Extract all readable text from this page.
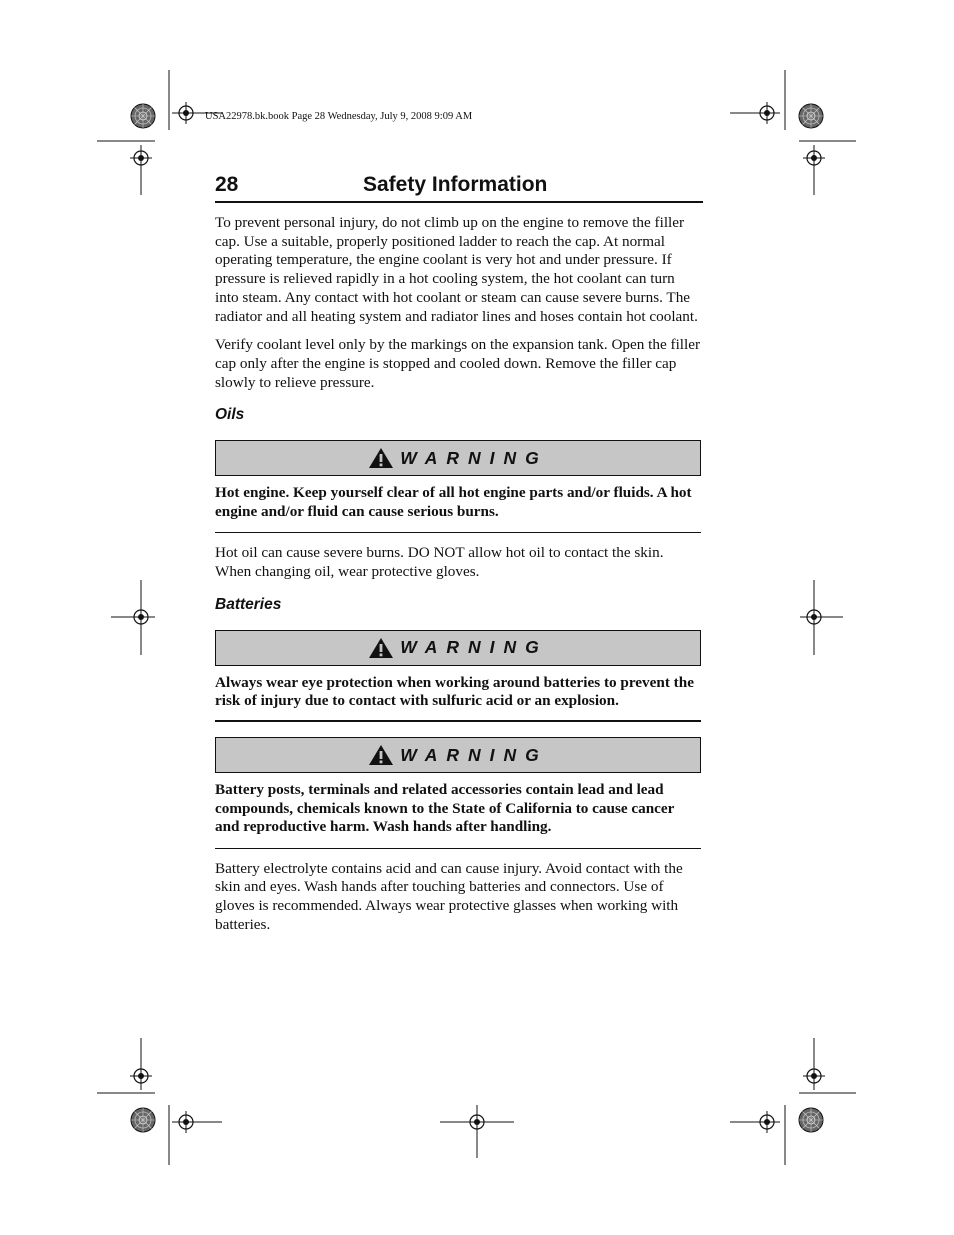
USA22978.bk.book Page 28 Wednesday, July 9, 2008 9:09 AM
28	Safety Information

To prevent personal injury, do not climb up on the engine to remove the filler cap. Use a suitable, properly positioned ladder to reach the cap. At normal operating temperature, the engine coolant is very hot and under pressure. If pressure is relieved rapidly in a hot cooling system, the hot coolant can turn into steam. Any contact with hot coolant or steam can cause severe burns. The radiator and all heating system and radiator lines and hoses contain hot coolant.

Verify coolant level only by the markings on the expansion tank. Open the filler cap only after the engine is stopped and cooled down. Remove the filler cap slowly to relieve pressure.

Oils
WARNING

Hot engine. Keep yourself clear of all hot engine parts and/or fluids. A hot engine and/or fluid can cause serious burns.

Hot oil can cause severe burns. DO NOT allow hot oil to contact the skin. When changing oil, wear protective gloves.

Batteries
WARNING

Always wear eye protection when working around batteries to prevent the risk of injury due to contact with sulfuric acid or an explosion.

WARNING

Battery posts, terminals and related accessories contain lead and lead compounds, chemicals known to the State of California to cause cancer and reproductive harm. Wash hands after handling.

Battery electrolyte contains acid and can cause injury. Avoid contact with the skin and eyes. Wash hands after touching batteries and connectors. Use of gloves is recommended. Always wear protective glasses when working with batteries.
